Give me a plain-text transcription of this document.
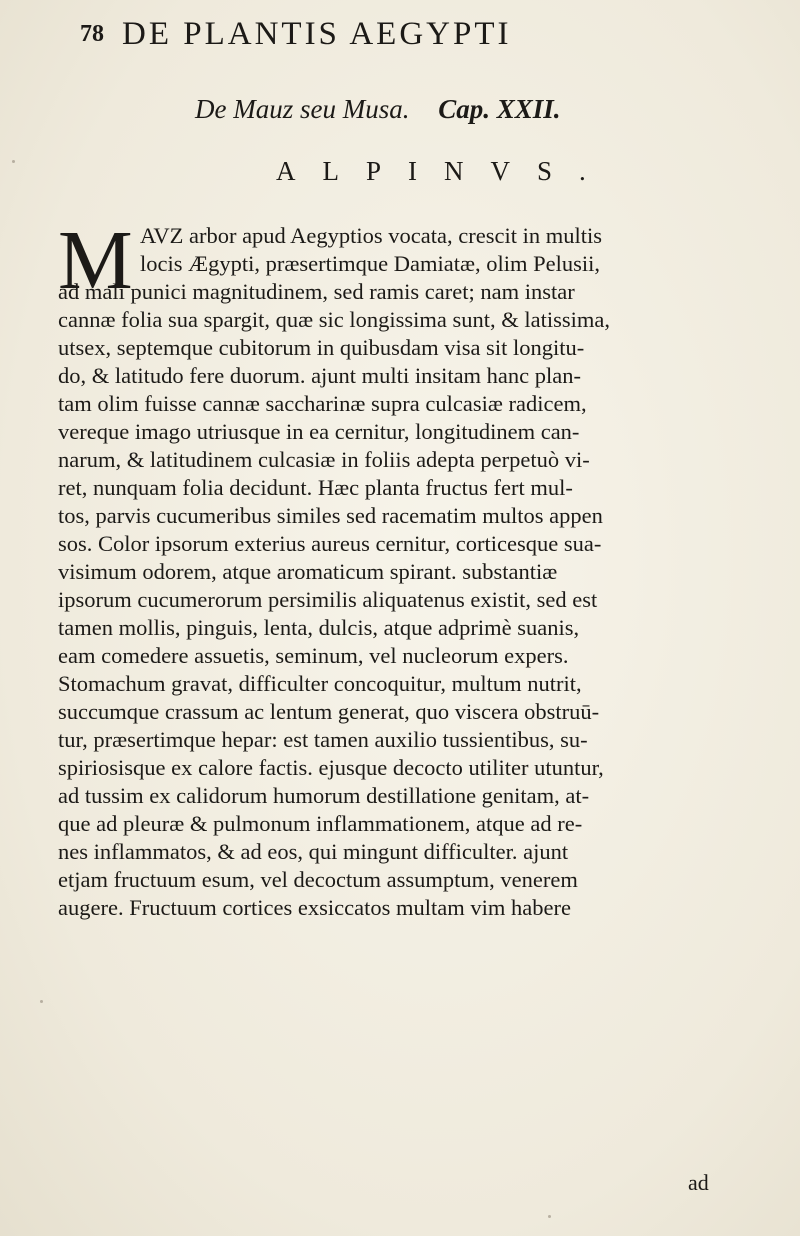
78 DE PLANTIS AEGYPTI
De Mauz seu Musa. Cap. XXII.
ALPINVS.
M AVZ arbor apud Aegyptios vocata, crescit in multis
locis Ægypti, præsertimque Damiatæ, olim Pelusii,
ad mali punici magnitudinem, sed ramis caret; nam instar
cannæ folia sua spargit, quæ sic longissima sunt, & latissima,
utsex, septemque cubitorum in quibusdam visa sit longitu-
do, & latitudo fere duorum. ajunt multi insitam hanc plan-
tam olim fuisse cannæ saccharinæ supra culcasiæ radicem,
vereque imago utriusque in ea cernitur, longitudinem can-
narum, & latitudinem culcasiæ in foliis adepta perpetuò vi-
ret, nunquam folia decidunt. Hæc planta fructus fert mul-
tos, parvis cucumeribus similes sed racematim multos appen
sos. Color ipsorum exterius aureus cernitur, corticesque sua-
visimum odorem, atque aromaticum spirant. substantiæ
ipsorum cucumerorum persimilis aliquatenus existit, sed est
tamen mollis, pinguis, lenta, dulcis, atque adprimè suanis,
eam comedere assuetis, seminum, vel nucleorum expers.
Stomachum gravat, difficulter concoquitur, multum nutrit,
succumque crassum ac lentum generat, quo viscera obstruū-
tur, præsertimque hepar: est tamen auxilio tussientibus, su-
spiriosisque ex calore factis. ejusque decocto utiliter utuntur,
ad tussim ex calidorum humorum destillatione genitam, at-
que ad pleuræ & pulmonum inflammationem, atque ad re-
nes inflammatos, & ad eos, qui mingunt difficulter. ajunt
etjam fructuum esum, vel decoctum assumptum, venerem
augere. Fructuum cortices exsiccatos multam vim habere
ad
